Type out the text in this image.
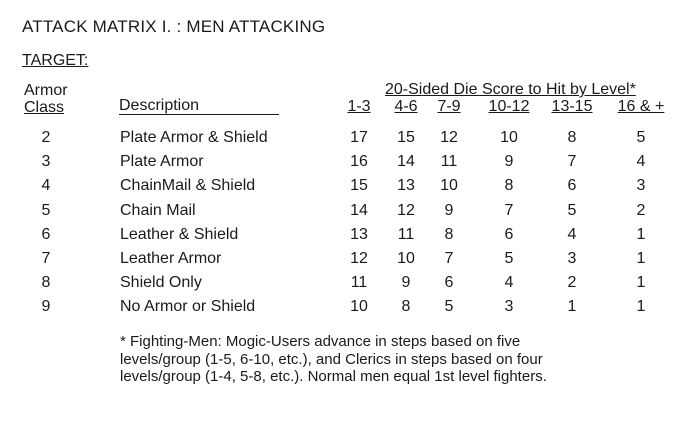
ATTACK MATRIX I. : MEN ATTACKING
TARGET:
Armor
Class	Description
20-Sided Die Score to Hit by Level*
1-3 4-6 7-9 10-12 13-15 16 & +
2	Plate Armor & Shield	17 15 12	10	8	5
3	Plate Armor	16 14 11	9	7	4
4	ChainMail & Shield	15 13 10	8	6	3
5	Chain Mail	14 12 9	7	5	2
6	Leather & Shield	13 11 8	6	4	1
7	Leather Armor	12 10 7	5	3	1
8	Shield Only	11 9 6	4	2	1
9	No Armor or Shield	10 8 5	3	1	1
* Fighting-Men: Mogic-Users advance in steps based on five levels/group (1-5, 6-10, etc.), and Clerics in steps based on four levels/group (1-4, 5-8, etc.). Normal men equal 1st level fighters.
